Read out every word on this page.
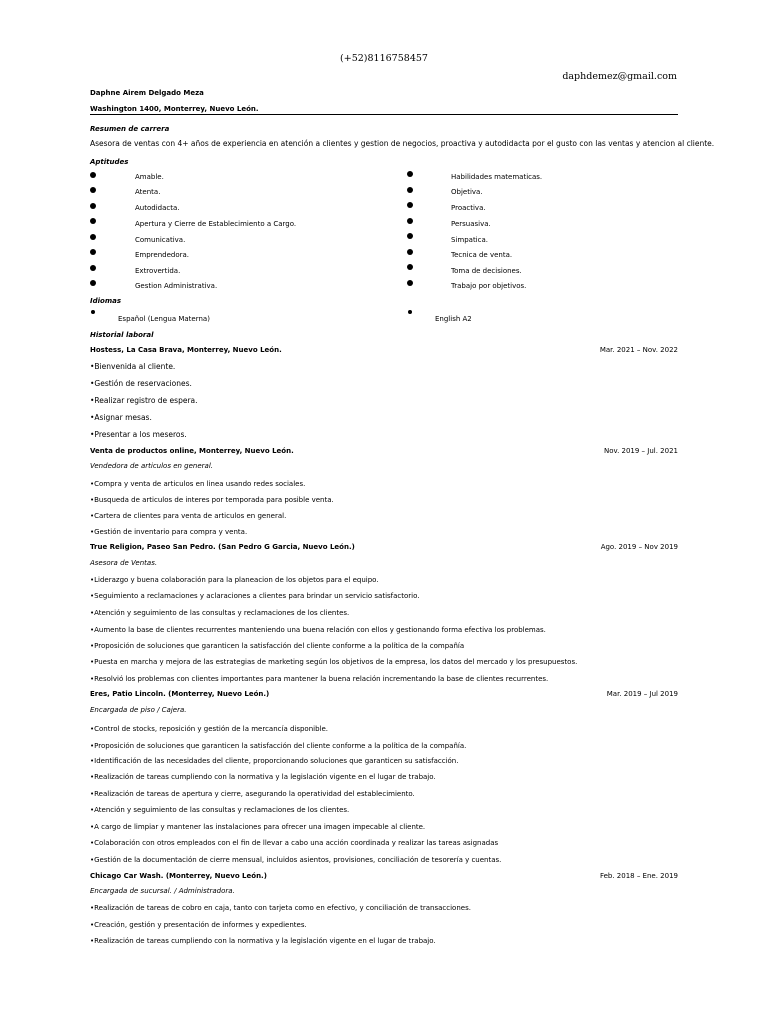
(+52)8116758457
daphdemez@gmail.com
Daphne Airem Delgado Meza
Washington 1400, Monterrey, Nuevo León.
Resumen de carrera
Asesora de ventas con 4+ años de experiencia en atención a clientes y gestion de negocios, proactiva y autodidacta por el gusto con las ventas y atencion al cliente.
Aptitudes
Amable.
Atenta.
Autodidacta.
Apertura y Cierre de Establecimiento a Cargo.
Comunicativa.
Emprendedora.
Extrovertida.
Gestion Administrativa.
Habilidades matematicas.
Objetiva.
Proactiva.
Persuasiva.
Simpatica.
Tecnica de venta.
Toma de decisiones.
Trabajo por objetivos.
Idiomas
Español (Lengua Materna)	English A2
Historial laboral
Hostess, La Casa Brava, Monterrey, Nuevo León.	Mar. 2021 – Nov. 2022
•Bienvenida al cliente.
•Gestión de reservaciones.
•Realizar registro de espera.
•Asignar mesas.
•Presentar a los meseros.
Venta de productos online, Monterrey, Nuevo León.	Nov. 2019 – Jul. 2021
Vendedora de articulos en general.
•Compra y venta de articulos en linea usando redes sociales.
•Busqueda de articulos de interes por temporada para posible venta.
•Cartera de clientes para venta de articulos en general.
•Gestión de inventario para compra y venta.
True Religion, Paseo San Pedro. (San Pedro G Garcia, Nuevo León.)	Ago. 2019 – Nov 2019
Asesora de Ventas.
•Liderazgo y buena colaboración para la planeacion de los objetos para el equipo.
•Seguimiento a reclamaciones y aclaraciones a clientes para brindar un servicio satisfactorio.
•Atención y seguimiento de las consultas y reclamaciones de los clientes.
•Aumento la base de clientes recurrentes manteniendo una buena relación con ellos y gestionando forma efectiva los problemas.
•Proposición de soluciones que garanticen la satisfacción del cliente conforme a la política de la compañía
•Puesta en marcha y mejora de las estrategias de marketing según los objetivos de la empresa, los datos del mercado y los presupuestos.
•Resolvió los problemas con clientes importantes para mantener la buena relación incrementando la base de clientes recurrentes.
Eres, Patio Lincoln. (Monterrey, Nuevo León.)	Mar. 2019 – Jul 2019
Encargada de piso / Cajera.
•Control de stocks, reposición y gestión de la mercancía disponible.
•Proposición de soluciones que garanticen la satisfacción del cliente conforme a la política de la compañía.
•Identificación de las necesidades del cliente, proporcionando soluciones que garanticen su satisfacción.
•Realización de tareas cumpliendo con la normativa y la legislación vigente en el lugar de trabajo.
•Realización de tareas de apertura y cierre, asegurando la operatividad del establecimiento.
•Atención y seguimiento de las consultas y reclamaciones de los clientes.
•A cargo de limpiar y mantener las instalaciones para ofrecer una imagen impecable al cliente.
•Colaboración con otros empleados con el fin de llevar a cabo una acción coordinada y realizar las tareas asignadas
•Gestión de la documentación de cierre mensual, incluidos asientos, provisiones, conciliación de tesorería y cuentas.
Chicago Car Wash. (Monterrey, Nuevo León.)	Feb. 2018 – Ene. 2019
Encargada de sucursal. / Administradora.
•Realización de tareas de cobro en caja, tanto con tarjeta como en efectivo, y conciliación de transacciones.
•Creación, gestión y presentación de informes y expedientes.
•Realización de tareas cumpliendo con la normativa y la legislación vigente en el lugar de trabajo.
